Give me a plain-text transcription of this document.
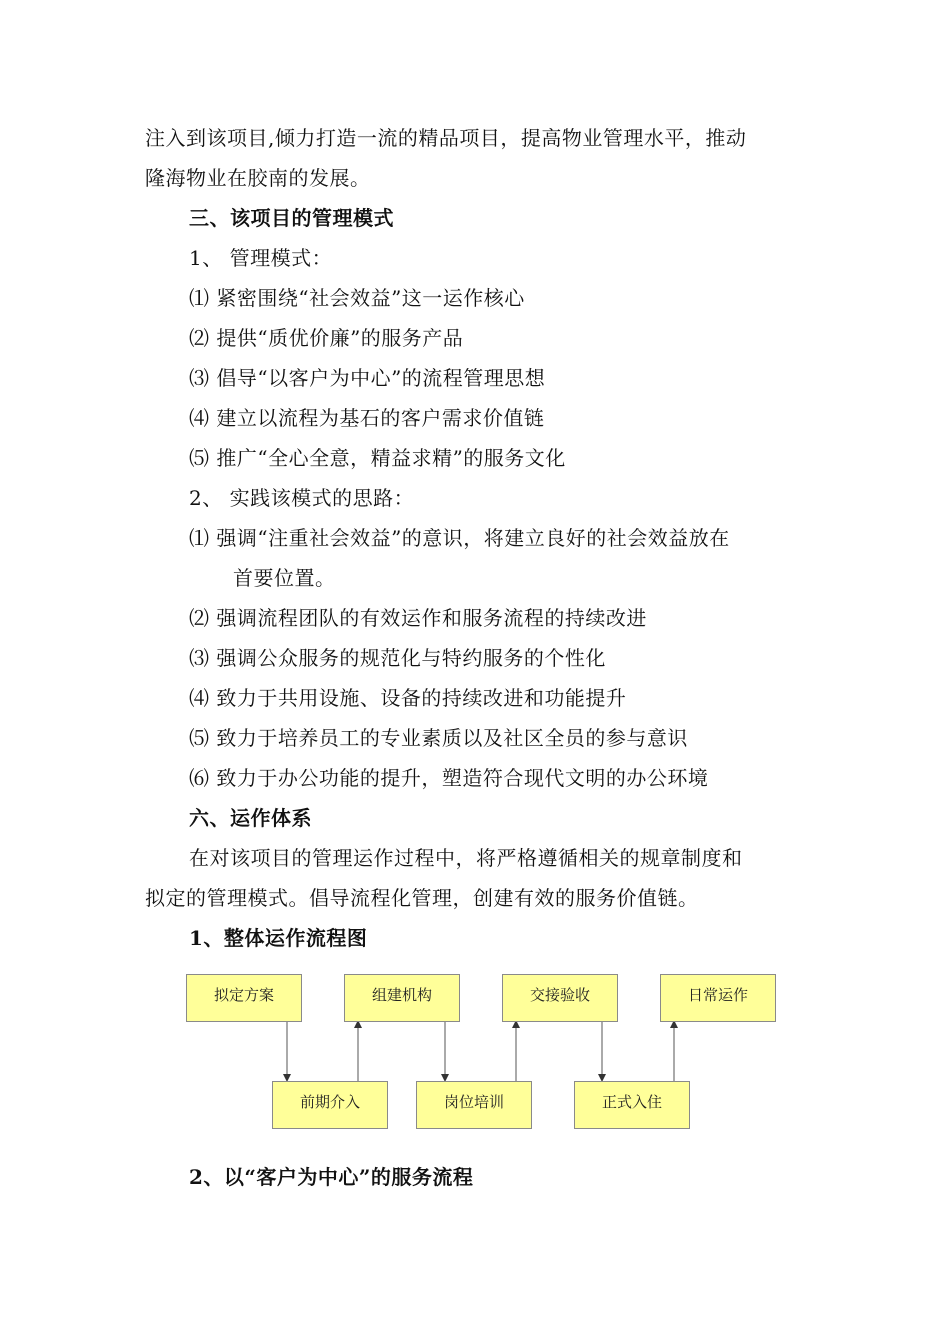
注入到该项目,倾力打造一流的精品项目，提高物业管理水平，推动
隆海物业在胶南的发展。
三、该项目的管理模式
1、 管理模式：
⑴ 紧密围绕“社会效益”这一运作核心
⑵ 提供“质优价廉”的服务产品
⑶ 倡导“以客户为中心”的流程管理思想
⑷ 建立以流程为基石的客户需求价值链
⑸ 推广“全心全意，精益求精”的服务文化
2、 实践该模式的思路：
⑴ 强调“注重社会效益”的意识，将建立良好的社会效益放在
首要位置。
⑵ 强调流程团队的有效运作和服务流程的持续改进
⑶ 强调公众服务的规范化与特约服务的个性化
⑷ 致力于共用设施、设备的持续改进和功能提升
⑸ 致力于培养员工的专业素质以及社区全员的参与意识
⑹ 致力于办公功能的提升，塑造符合现代文明的办公环境
六、运作体系
在对该项目的管理运作过程中，将严格遵循相关的规章制度和
拟定的管理模式。倡导流程化管理，创建有效的服务价值链。
1、整体运作流程图
拟定方案	组建机构	交接验收	日常运作
前期介入	岗位培训	正式入住
2、以“客户为中心”的服务流程
